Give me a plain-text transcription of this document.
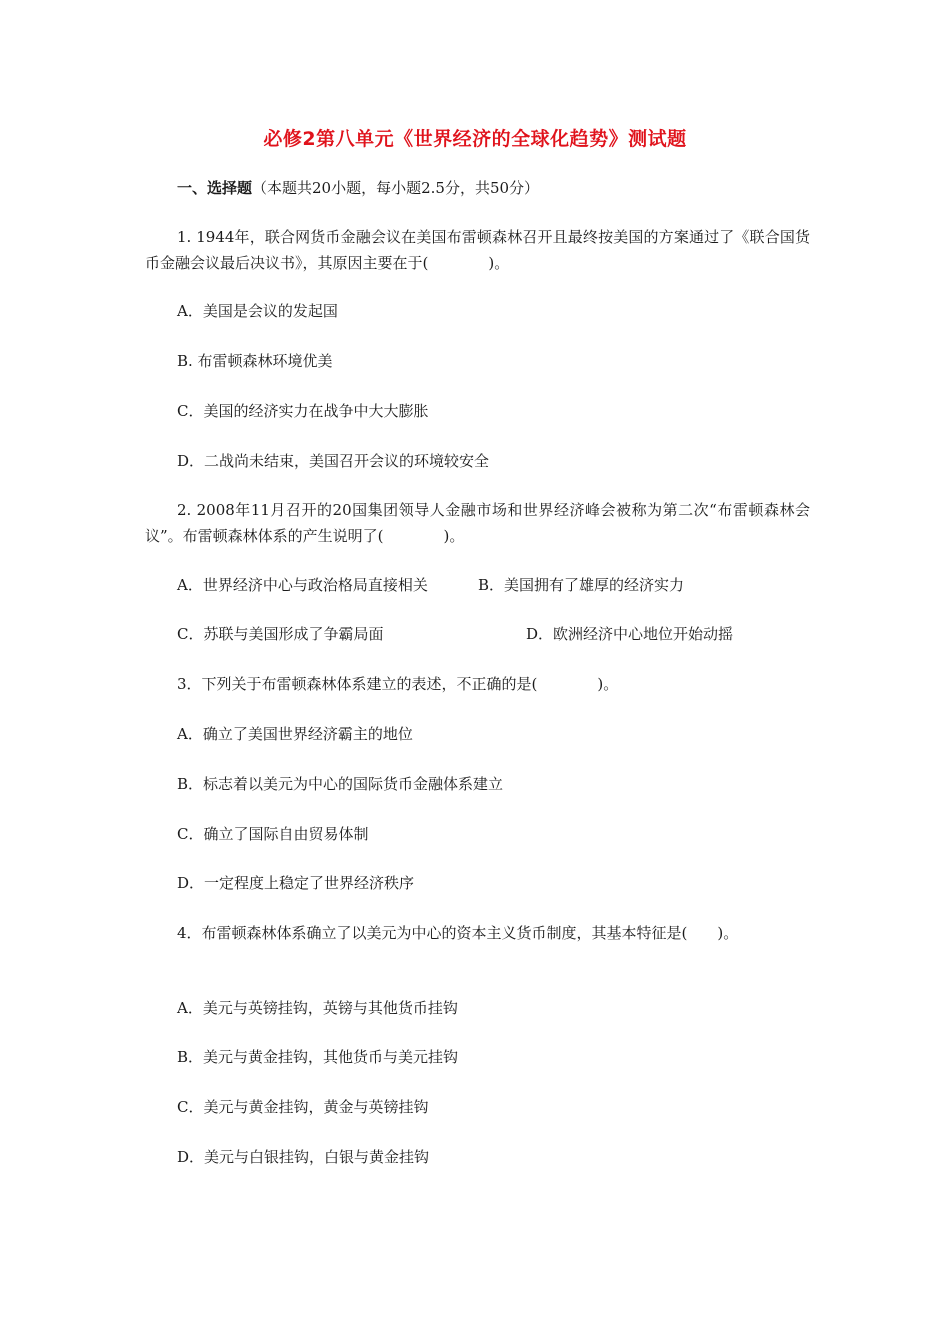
必修2第八单元《世界经济的全球化趋势》测试题

一、选择题（本题共20小题，每小题2.5分，共50分）

1. 1944年，联合网货币金融会议在美国布雷顿森林召开且最终按美国的方案通过了《联合国货币金融会议最后决议书》，其原因主要在于(　　　　)。

A．美国是会议的发起国

B. 布雷顿森林环境优美

C．美国的经济实力在战争中大大膨胀

D．二战尚未结束，美国召开会议的环境较安全

2. 2008年11月召开的20国集团领导人金融市场和世界经济峰会被称为第二次“布雷顿森林会议”。布雷顿森林体系的产生说明了(　　　　)。

A．世界经济中心与政治格局直接相关	B．美国拥有了雄厚的经济实力

C．苏联与美国形成了争霸局面	D．欧洲经济中心地位开始动摇

3．下列关于布雷顿森林体系建立的表述，不正确的是(　　　　)。

A．确立了美国世界经济霸主的地位

B．标志着以美元为中心的国际货币金融体系建立

C．确立了国际自由贸易体制

D．一定程度上稳定了世界经济秩序

4．布雷顿森林体系确立了以美元为中心的资本主义货币制度，其基本特征是(　　)。

A．美元与英镑挂钩，英镑与其他货币挂钩

B．美元与黄金挂钩，其他货币与美元挂钩

C．美元与黄金挂钩，黄金与英镑挂钩

D．美元与白银挂钩，白银与黄金挂钩
